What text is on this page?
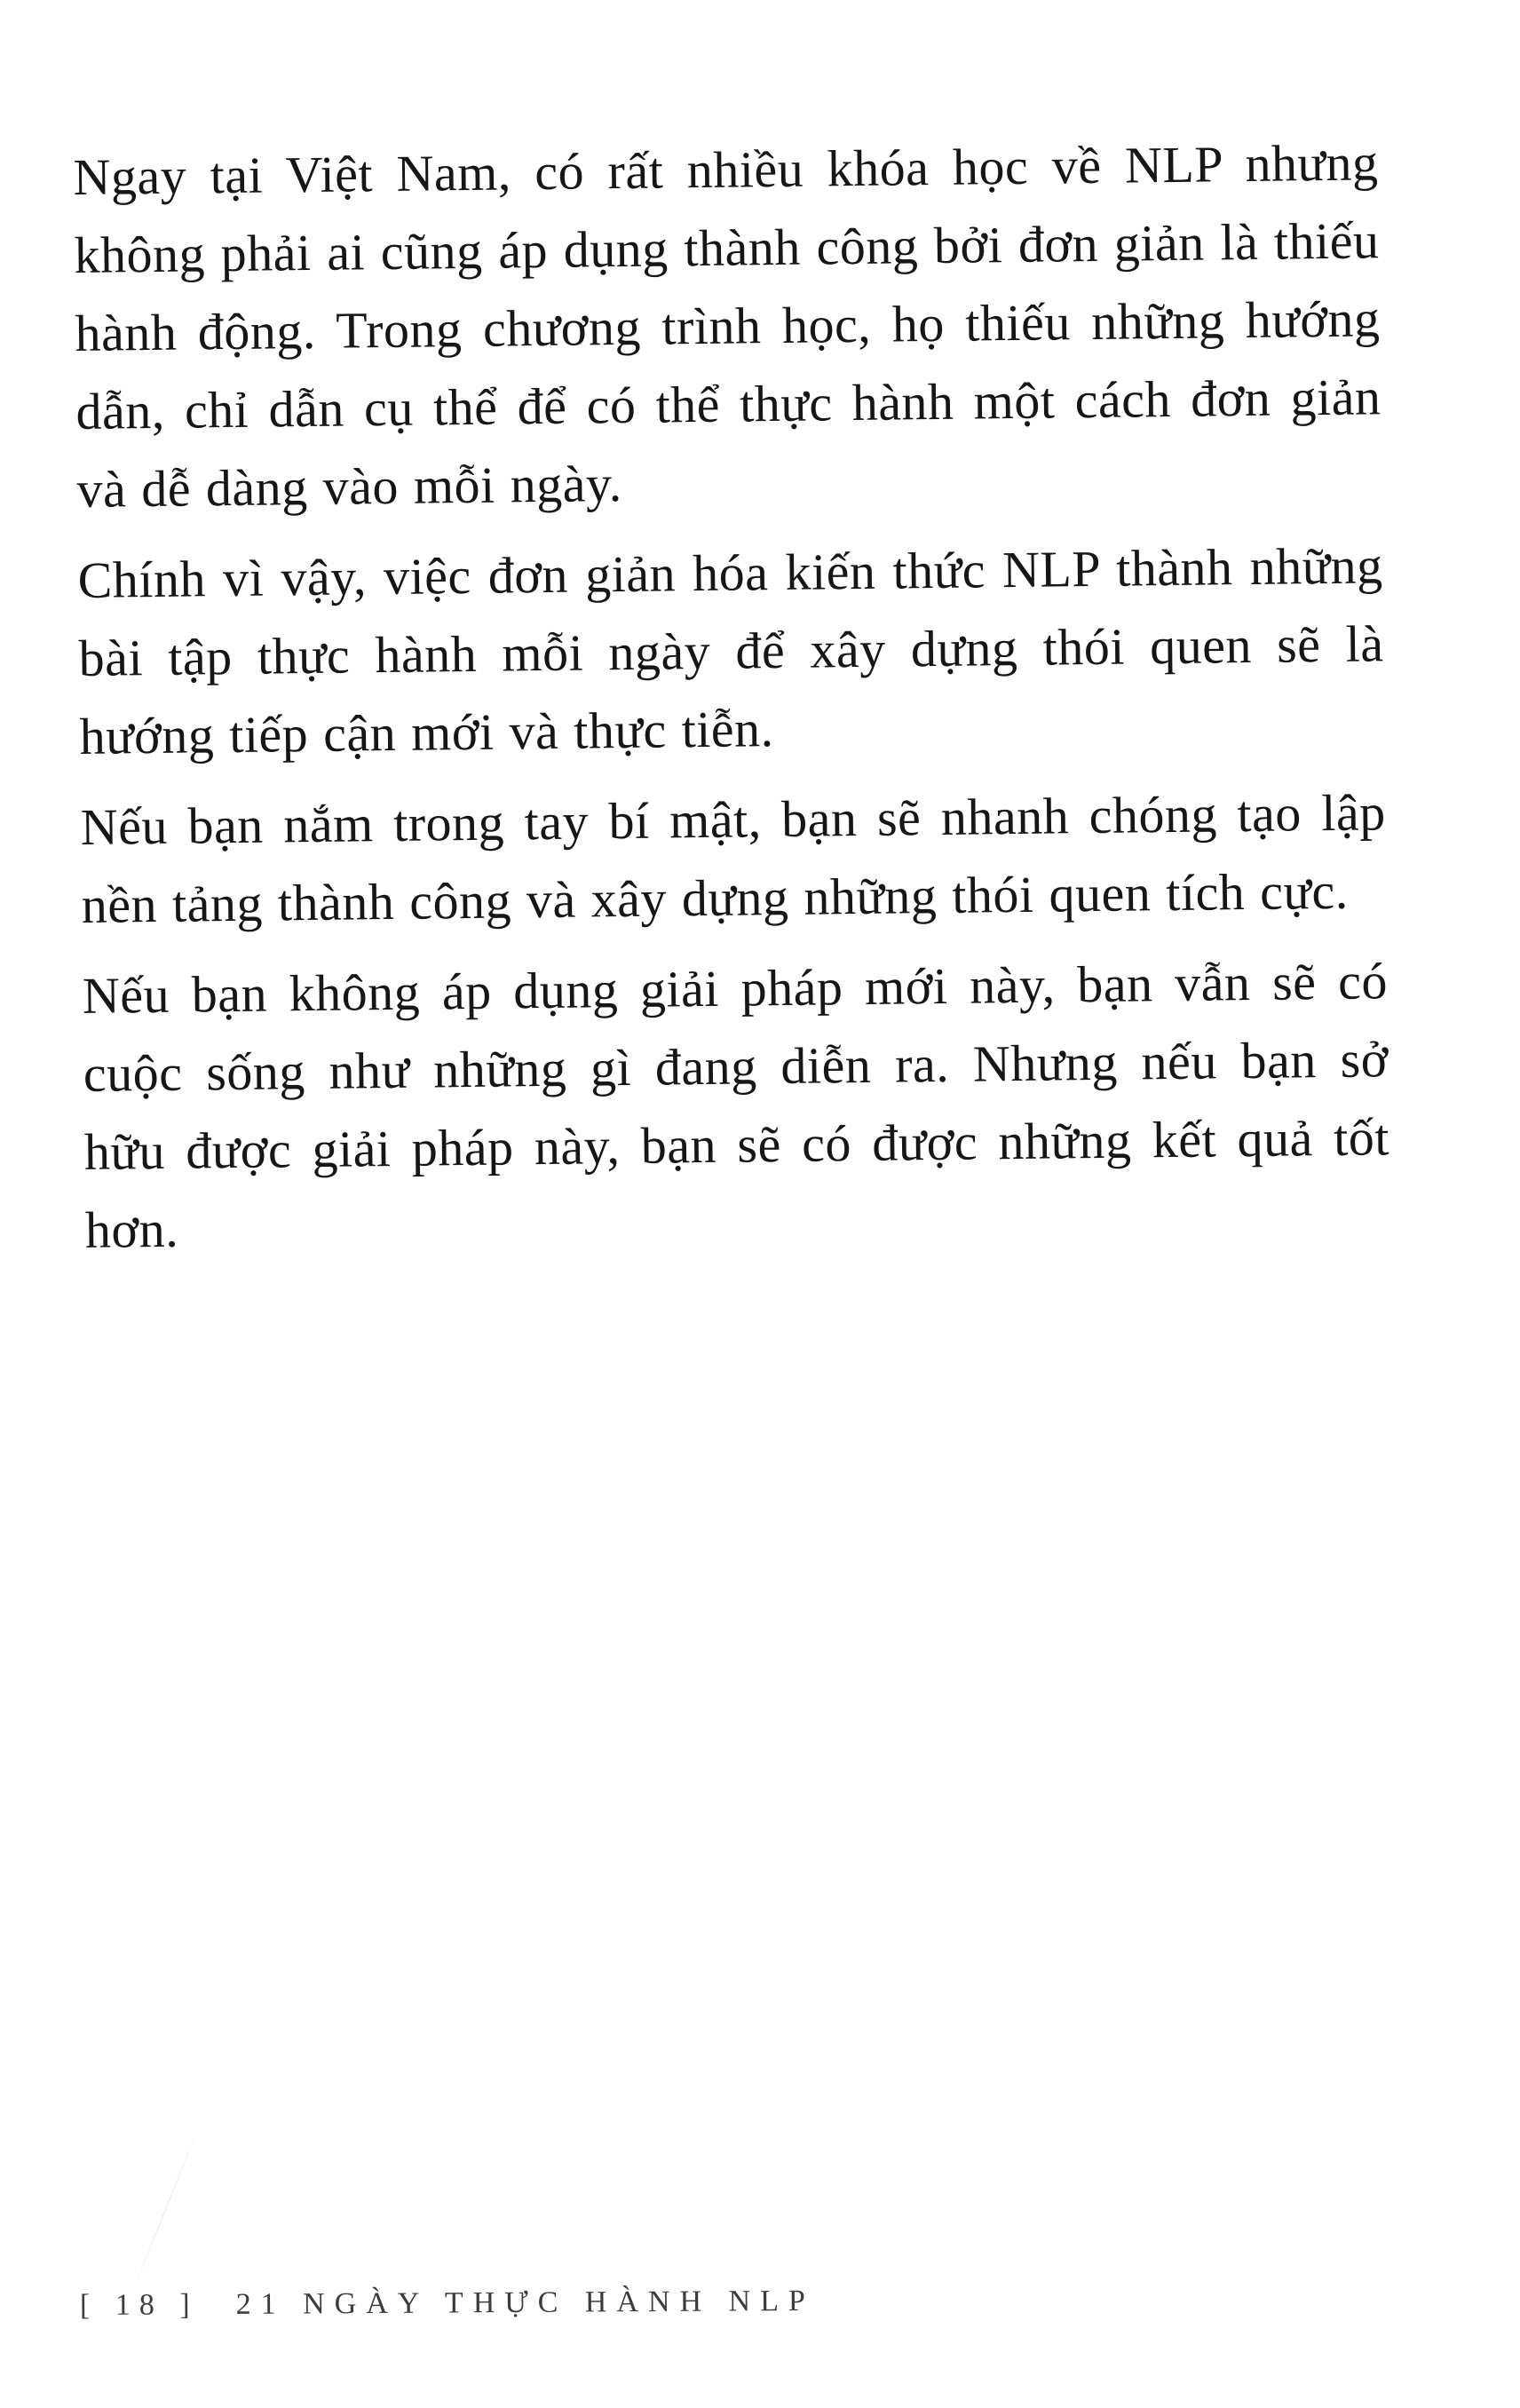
Ngay tại Việt Nam, có rất nhiều khóa học về NLP nhưng không phải ai cũng áp dụng thành công bởi đơn giản là thiếu hành động. Trong chương trình học, họ thiếu những hướng dẫn, chỉ dẫn cụ thể để có thể thực hành một cách đơn giản và dễ dàng vào mỗi ngày.

Chính vì vậy, việc đơn giản hóa kiến thức NLP thành những bài tập thực hành mỗi ngày để xây dựng thói quen sẽ là hướng tiếp cận mới và thực tiễn.

Nếu bạn nắm trong tay bí mật, bạn sẽ nhanh chóng tạo lập nền tảng thành công và xây dựng những thói quen tích cực.

Nếu bạn không áp dụng giải pháp mới này, bạn vẫn sẽ có cuộc sống như những gì đang diễn ra. Nhưng nếu bạn sở hữu được giải pháp này, bạn sẽ có được những kết quả tốt hơn.

[ 18 ] 21 NGÀY THỰC HÀNH NLP
